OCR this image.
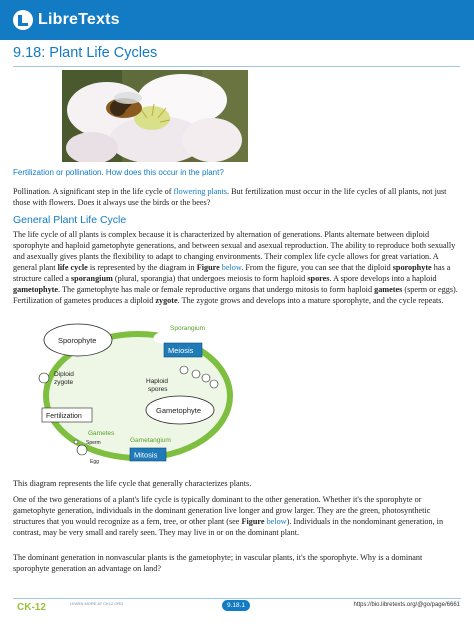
LibreTexts
9.18: Plant Life Cycles
Fertilization or pollination. How does this occur in the plant?

Pollination. A significant step in the life cycle of flowering plants. But fertilization must occur in the life cycles of all plants, not just those with flowers. Does it always use the birds or the bees?

General Plant Life Cycle

The life cycle of all plants is complex because it is characterized by alternation of generations. Plants alternate between diploid sporophyte and haploid gametophyte generations, and between sexual and asexual reproduction. The ability to reproduce both sexually and asexually gives plants the flexibility to adapt to changing environments. Their complex life cycle allows for great variation. A general plant life cycle is represented by the diagram in Figure below. From the figure, you can see that the diploid sporophyte has a structure called a sporangium (plural, sporangia) that undergoes meiosis to form haploid spores. A spore develops into a haploid gametophyte. The gametophyte has male or female reproductive organs that undergo mitosis to form haploid gametes (sperm or eggs). Fertilization of gametes produces a diploid zygote. The zygote grows and develops into a mature sporophyte, and the cycle repeats.

Sporangium
Sporophyte
Meiosis
Haploid
spores
Gametophyte
Diploid
zygote
Fertilization
Gametes
Sperm
Egg
Gametangium
Mitosis

This diagram represents the life cycle that generally characterizes plants.

One of the two generations of a plant's life cycle is typically dominant to the other generation. Whether it's the sporophyte or gametophyte generation, individuals in the dominant generation live longer and grow larger. They are the green, photosynthetic structures that you would recognize as a fern, tree, or other plant (see Figure below). Individuals in the nondominant generation, in contrast, may be very small and rarely seen. They may live in or on the dominant plant.

The dominant generation in nonvascular plants is the gametophyte; in vascular plants, it's the sporophyte. Why is a dominant sporophyte generation an advantage on land?

CK-12	LEARN MORE AT CK12.ORG	9.18.1	https://bio.libretexts.org/@go/page/6661
